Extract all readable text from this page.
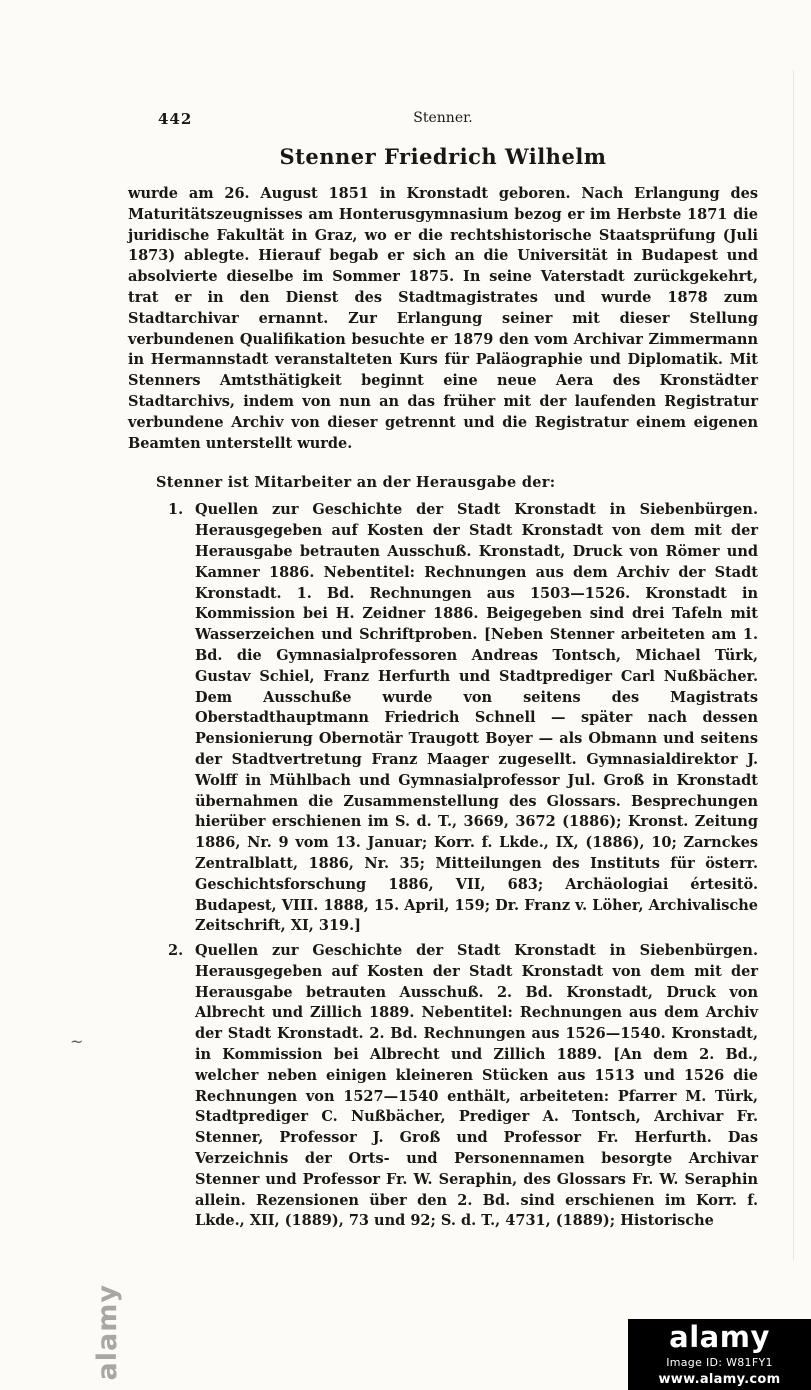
442	Stenner.
Stenner Friedrich Wilhelm
wurde am 26. August 1851 in Kronstadt geboren. Nach Erlangung des Maturitätszeugnisses am Honterusgymnasium bezog er im Herbste 1871 die juridische Fakultät in Graz, wo er die rechtshistorische Staatsprüfung (Juli 1873) ablegte. Hierauf begab er sich an die Universität in Budapest und absolvierte dieselbe im Sommer 1875. In seine Vaterstadt zurückgekehrt, trat er in den Dienst des Stadtmagistrates und wurde 1878 zum Stadtarchivar ernannt. Zur Erlangung seiner mit dieser Stellung verbundenen Qualifikation besuchte er 1879 den vom Archivar Zimmermann in Hermannstadt veranstalteten Kurs für Paläographie und Diplomatik. Mit Stenners Amtsthätigkeit beginnt eine neue Aera des Kronstädter Stadtarchivs, indem von nun an das früher mit der laufenden Registratur verbundene Archiv von dieser getrennt und die Registratur einem eigenen Beamten unterstellt wurde.
Stenner ist Mitarbeiter an der Herausgabe der:
1. Quellen zur Geschichte der Stadt Kronstadt in Siebenbürgen. Herausgegeben auf Kosten der Stadt Kronstadt von dem mit der Herausgabe betrauten Ausschuß. Kronstadt, Druck von Römer und Kamner 1886. Nebentitel: Rechnungen aus dem Archiv der Stadt Kronstadt. 1. Bd. Rechnungen aus 1503—1526. Kronstadt in Kommission bei H. Zeidner 1886. Beigegeben sind drei Tafeln mit Wasserzeichen und Schriftproben. [Neben Stenner arbeiteten am 1. Bd. die Gymnasialprofessoren Andreas Tontsch, Michael Türk, Gustav Schiel, Franz Herfurth und Stadtprediger Carl Nußbächer. Dem Ausschuße wurde von seitens des Magistrats Oberstadthauptmann Friedrich Schnell — später nach dessen Pensionierung Obernotär Traugott Boyer — als Obmann und seitens der Stadtvertretung Franz Maager zugesellt. Gymnasialdirektor J. Wolff in Mühlbach und Gymnasialprofessor Jul. Groß in Kronstadt übernahmen die Zusammenstellung des Glossars. Besprechungen hierüber erschienen im S. d. T., 3669, 3672 (1886); Kronst. Zeitung 1886, Nr. 9 vom 13. Januar; Korr. f. Lkde., IX, (1886), 10; Zarnckes Zentralblatt, 1886, Nr. 35; Mitteilungen des Instituts für österr. Geschichtsforschung 1886, VII, 683; Archäologiai értesitö. Budapest, VIII. 1888, 15. April, 159; Dr. Franz v. Löher, Archivalische Zeitschrift, XI, 319.]
2. Quellen zur Geschichte der Stadt Kronstadt in Siebenbürgen. Herausgegeben auf Kosten der Stadt Kronstadt von dem mit der Herausgabe betrauten Ausschuß. 2. Bd. Kronstadt, Druck von Albrecht und Zillich 1889. Nebentitel: Rechnungen aus dem Archiv der Stadt Kronstadt. 2. Bd. Rechnungen aus 1526—1540. Kronstadt, in Kommission bei Albrecht und Zillich 1889. [An dem 2. Bd., welcher neben einigen kleineren Stücken aus 1513 und 1526 die Rechnungen von 1527—1540 enthält, arbeiteten: Pfarrer M. Türk, Stadtprediger C. Nußbächer, Prediger A. Tontsch, Archivar Fr. Stenner, Professor J. Groß und Professor Fr. Herfurth. Das Verzeichnis der Orts- und Personennamen besorgte Archivar Stenner und Professor Fr. W. Seraphin, des Glossars Fr. W. Seraphin allein. Rezensionen über den 2. Bd. sind erschienen im Korr. f. Lkde., XII, (1889), 73 und 92; S. d. T., 4731, (1889); Historische
~
alamy	alamy
Image ID: W81FY1
www.alamy.com
